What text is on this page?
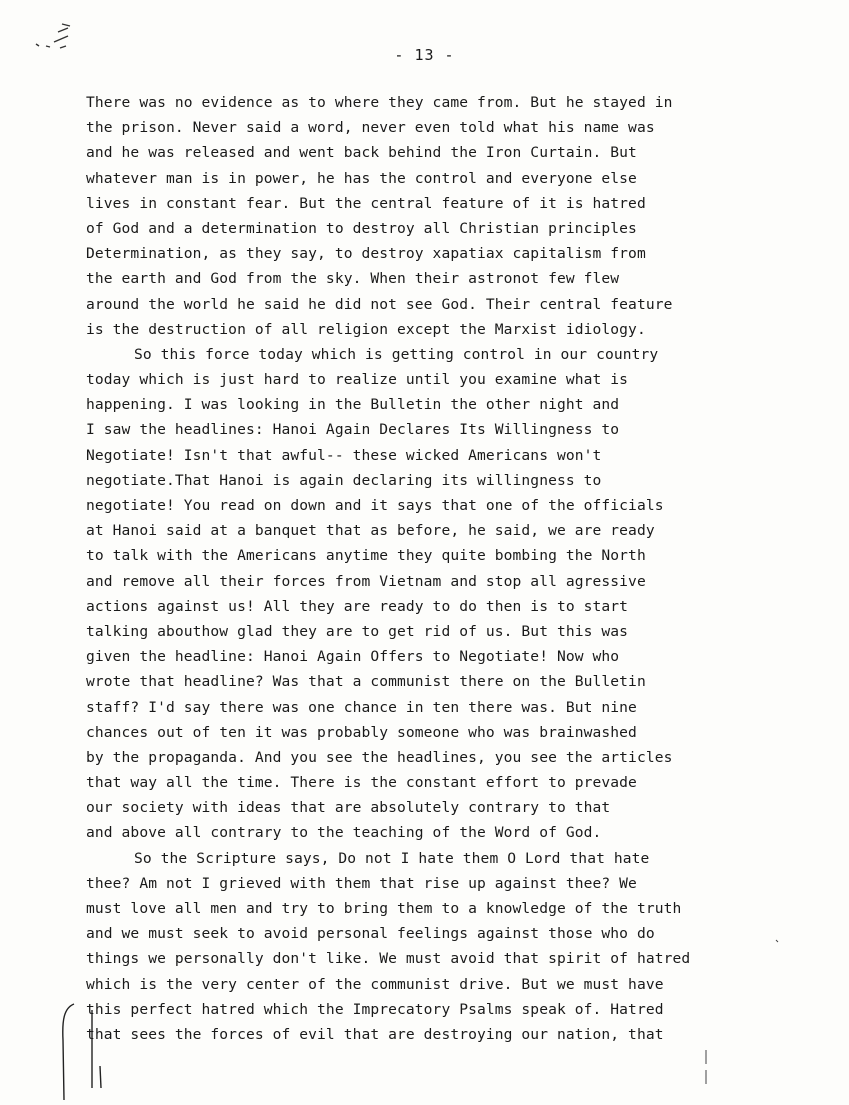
- 13 -
There was no evidence as to where they came from. But he stayed in
the prison. Never said a word, never even told what his name was
and he was released and went back behind the Iron Curtain. But
whatever man is in power, he has the control and everyone else
lives in constant fear. But the central feature of it is hatred
of God and a determination to destroy all Christian principles
Determination, as they say, to destroy xapatiax capitalism from
the earth and God from the sky. When their astronot few flew
around the world he said he did not see God. Their central feature
is the destruction of all religion except the Marxist idiology.
So this force today which is getting control in our country
today which is just hard to realize until you examine what is
happening. I was looking in the Bulletin the other night and
I saw the headlines: Hanoi Again Declares Its Willingness to
Negotiate! Isn't that awful-- these wicked Americans won't
negotiate.That Hanoi is again declaring its willingness to
negotiate! You read on down and it says that one of the officials
at Hanoi said at a banquet that as before, he said, we are ready
to talk with the Americans anytime they quite bombing the North
and remove all their forces from Vietnam and stop all agressive
actions against us! All they are ready to do then is to start
talking abouthow glad they are to get rid of us. But this was
given the headline: Hanoi Again Offers to Negotiate! Now who
wrote that headline? Was that a communist there on the Bulletin
staff? I'd say there was one chance in ten there was. But nine
chances out of ten it was probably someone who was brainwashed
by the propaganda. And you see the headlines, you see the articles
that way all the time. There is the constant effort to prevade
our society with ideas that are absolutely contrary to that
and above all contrary to the teaching of the Word of God.
So the Scripture says, Do not I hate them O Lord that hate
thee? Am not I grieved with them that rise up against thee? We
must love all men and try to bring them to a knowledge of the truth
and we must seek to avoid personal feelings against those who do
things we personally don't like. We must avoid that spirit of hatred
which is the very center of the communist drive. But we must have
this perfect hatred which the Imprecatory Psalms speak of. Hatred
that sees the forces of evil that are destroying our nation, that
